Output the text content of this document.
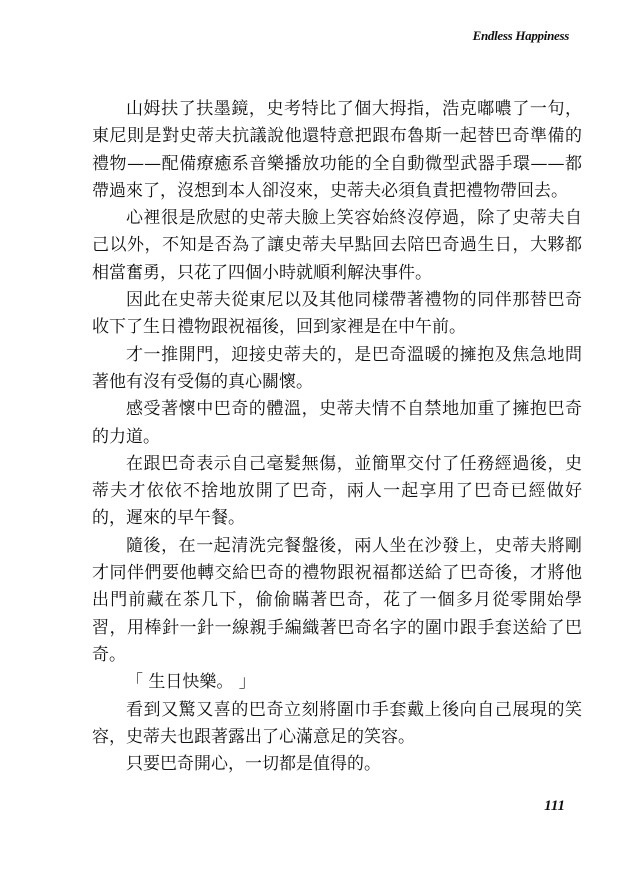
Endless Happiness

山姆扶了扶墨鏡，史考特比了個大拇指，浩克嘟噥了一句，東尼則是對史蒂夫抗議說他還特意把跟布魯斯一起替巴奇準備的禮物——配備療癒系音樂播放功能的全自動微型武器手環——都帶過來了，沒想到本人卻沒來，史蒂夫必須負責把禮物帶回去。

心裡很是欣慰的史蒂夫臉上笑容始終沒停過，除了史蒂夫自己以外，不知是否為了讓史蒂夫早點回去陪巴奇過生日，大夥都相當奮勇，只花了四個小時就順利解決事件。

因此在史蒂夫從東尼以及其他同樣帶著禮物的同伴那替巴奇收下了生日禮物跟祝福後，回到家裡是在中午前。

才一推開門，迎接史蒂夫的，是巴奇溫暖的擁抱及焦急地問著他有沒有受傷的真心關懷。

感受著懷中巴奇的體溫，史蒂夫情不自禁地加重了擁抱巴奇的力道。

在跟巴奇表示自己毫髮無傷，並簡單交付了任務經過後，史蒂夫才依依不捨地放開了巴奇，兩人一起享用了巴奇已經做好的，遲來的早午餐。

隨後，在一起清洗完餐盤後，兩人坐在沙發上，史蒂夫將剛才同伴們要他轉交給巴奇的禮物跟祝福都送給了巴奇後，才將他出門前藏在茶几下，偷偷瞞著巴奇，花了一個多月從零開始學習，用棒針一針一線親手編織著巴奇名字的圍巾跟手套送給了巴奇。

「 生日快樂。 」

看到又驚又喜的巴奇立刻將圍巾手套戴上後向自己展現的笑容，史蒂夫也跟著露出了心滿意足的笑容。

只要巴奇開心，一切都是值得的。

111
